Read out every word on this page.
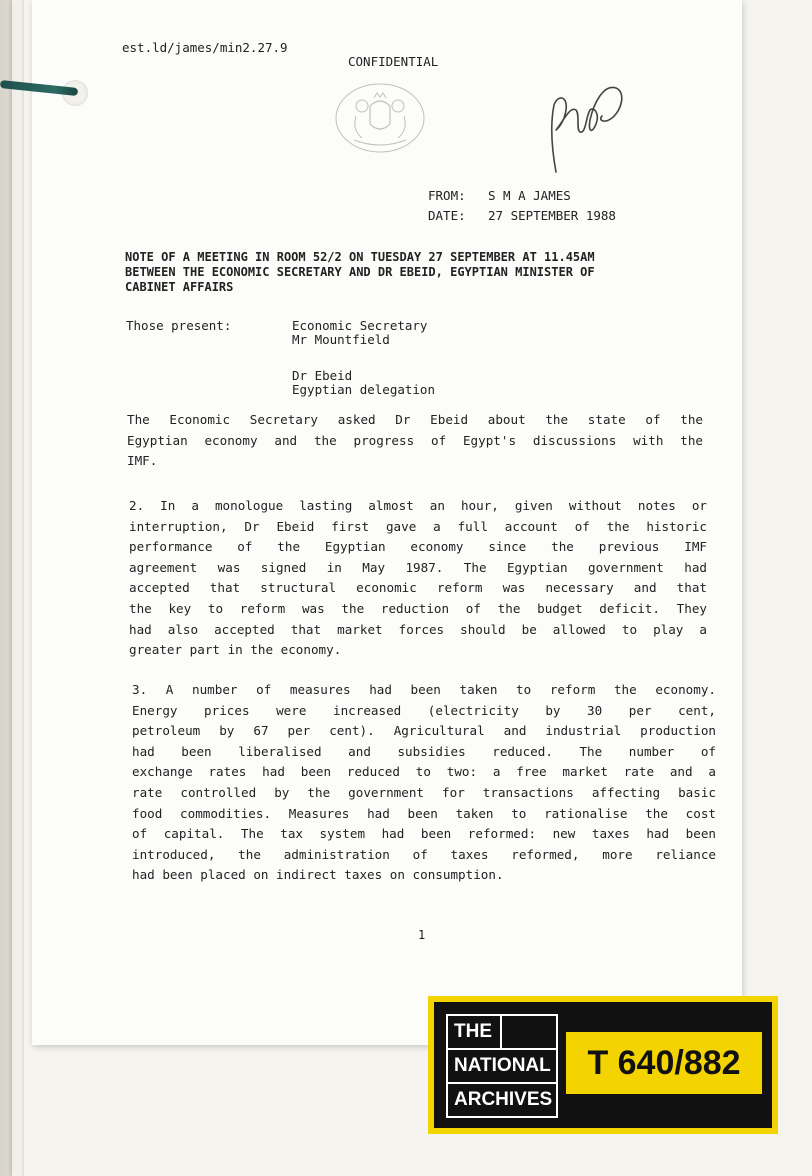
est.ld/james/min2.27.9
CONFIDENTIAL
FROM:	S M A JAMES
DATE:	27 SEPTEMBER 1988
NOTE OF A MEETING IN ROOM 52/2 ON TUESDAY 27 SEPTEMBER AT 11.45AM
BETWEEN THE ECONOMIC SECRETARY AND DR EBEID, EGYPTIAN MINISTER OF
CABINET AFFAIRS
Those present:	Economic Secretary
Mr Mountfield
Dr Ebeid
Egyptian delegation
The Economic Secretary asked Dr Ebeid about the state of the
Egyptian economy and the progress of Egypt's discussions with the
IMF.
2. In a monologue lasting almost an hour, given without notes or
interruption, Dr Ebeid first gave a full account of the historic
performance of the Egyptian economy since the previous IMF
agreement was signed in May 1987. The Egyptian government had
accepted that structural economic reform was necessary and that
the key to reform was the reduction of the budget deficit. They
had also accepted that market forces should be allowed to play a
greater part in the economy.
3. A number of measures had been taken to reform the economy.
Energy prices were increased (electricity by 30 per cent,
petroleum by 67 per cent). Agricultural and industrial production
had been liberalised and subsidies reduced. The number of
exchange rates had been reduced to two: a free market rate and a
rate controlled by the government for transactions affecting basic
food commodities. Measures had been taken to rationalise the cost
of capital. The tax system had been reformed: new taxes had been
introduced, the administration of taxes reformed, more reliance
had been placed on indirect taxes on consumption.
1
THE
NATIONAL
ARCHIVES
T 640/882
